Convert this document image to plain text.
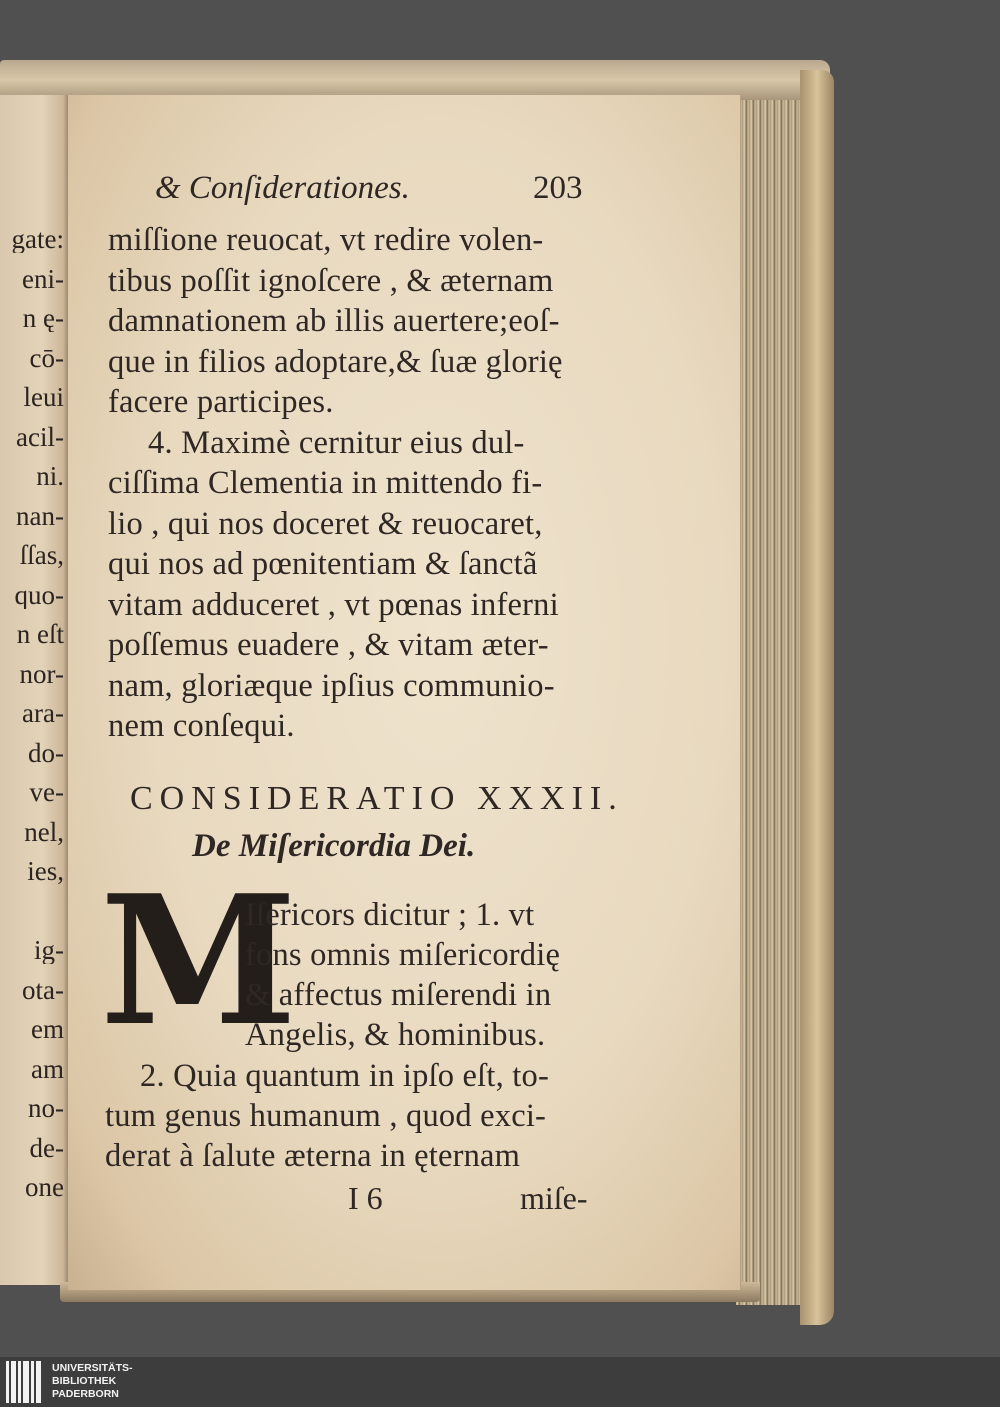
& Conſiderationes.	203
miſſione reuocat, vt redire volen-
tibus poſſit ignoſcere , & æternam
damnationem ab illis auertere;eoſ-
que in filios adoptare,& ſuæ glorię
facere participes.
4. Maximè cernitur eius dul-
ciſſima Clementia in mittendo fi-
lio , qui nos doceret & reuocaret,
qui nos ad pœnitentiam & ſanctã
vitam adduceret , vt pœnas inferni
poſſemus euadere , & vitam æter-
nam, gloriæque ipſius communio-
nem conſequi.
CONSIDERATIO XXXII.
De Miſericordia Dei.
M
Iſericors dicitur ; 1. vt
fons omnis miſericordię
& affectus miſerendi in
Angelis, & hominibus.
2. Quia quantum in ipſo eſt, to-
tum genus humanum , quod exci-
derat à ſalute æterna in ęternam
I 6	miſe-
gate:
eni-
n ę-
cō-
leui
acil-
ni.
nan-
ſſas,
quo-
n eſt
nor-
ara-
do-
ve-
nel,
ies,
ig-
ota-
em
am
no-
de-
one
UNIVERSITÄTS-
BIBLIOTHEK
PADERBORN
